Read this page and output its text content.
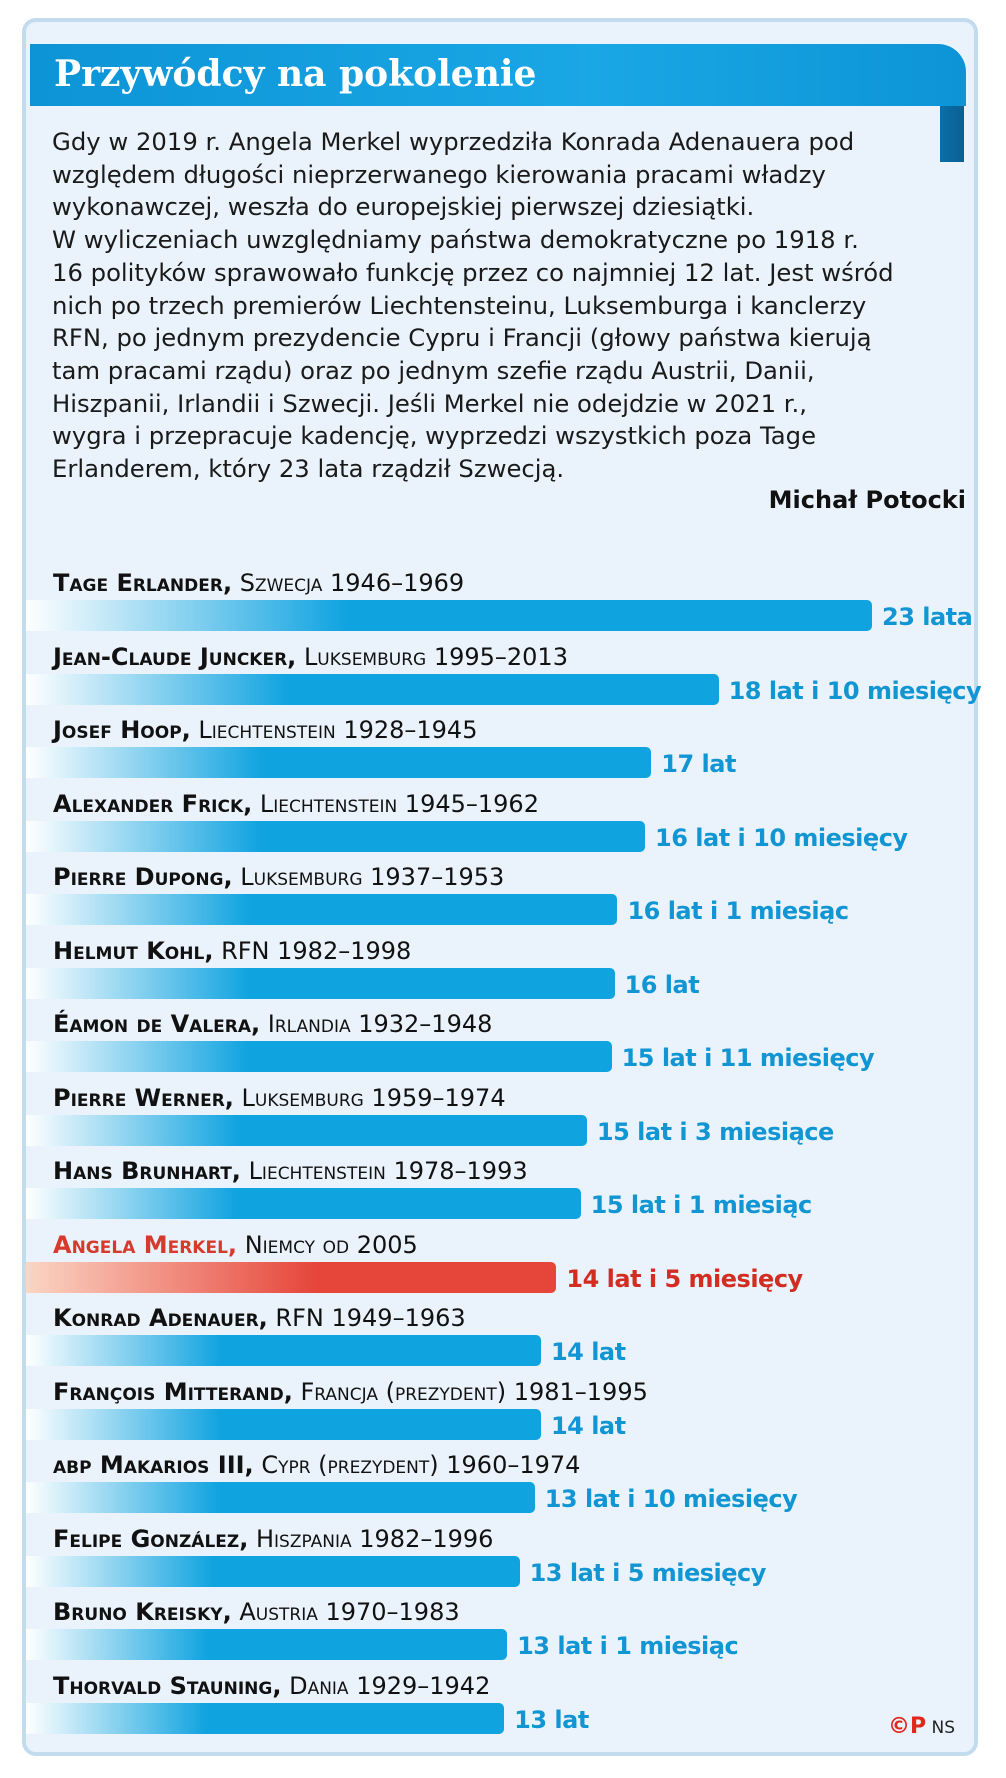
Przywódcy na pokolenie

Gdy w 2019 r. Angela Merkel wyprzedziła Konrada Adenauera pod
względem długości nieprzerwanego kierowania pracami władzy
wykonawczej, weszła do europejskiej pierwszej dziesiątki.
W wyliczeniach uwzględniamy państwa demokratyczne po 1918 r.
16 polityków sprawowało funkcję przez co najmniej 12 lat. Jest wśród
nich po trzech premierów Liechtensteinu, Luksemburga i kanclerzy
RFN, po jednym prezydencie Cypru i Francji (głowy państwa kierują
tam pracami rządu) oraz po jednym szefie rządu Austrii, Danii,
Hiszpanii, Irlandii i Szwecji. Jeśli Merkel nie odejdzie w 2021 r.,
wygra i przepracuje kadencję, wyprzedzi wszystkich poza Tage
Erlanderem, który 23 lata rządził Szwecją.

Michał Potocki
Tage Erlander, Szwecja 1946–1969
23 lata
Jean-Claude Juncker, Luksemburg 1995–2013
18 lat i 10 miesięcy
Josef Hoop, Liechtenstein 1928–1945
17 lat
Alexander Frick, Liechtenstein 1945–1962
16 lat i 10 miesięcy
Pierre Dupong, Luksemburg 1937–1953
16 lat i 1 miesiąc
Helmut Kohl, RFN 1982–1998
16 lat
Éamon de Valera, Irlandia 1932–1948
15 lat i 11 miesięcy
Pierre Werner, Luksemburg 1959–1974
15 lat i 3 miesiące
Hans Brunhart, Liechtenstein 1978–1993
15 lat i 1 miesiąc
Angela Merkel, Niemcy od 2005
14 lat i 5 miesięcy
Konrad Adenauer, RFN 1949–1963
14 lat
François Mitterand, Francja (prezydent) 1981–1995
14 lat
abp Makarios III, Cypr (prezydent) 1960–1974
13 lat i 10 miesięcy
Felipe González, Hiszpania 1982–1996
13 lat i 5 miesięcy
Bruno Kreisky, Austria 1970–1983
13 lat i 1 miesiąc
Thorvald Stauning, Dania 1929–1942
13 lat	©P NS
